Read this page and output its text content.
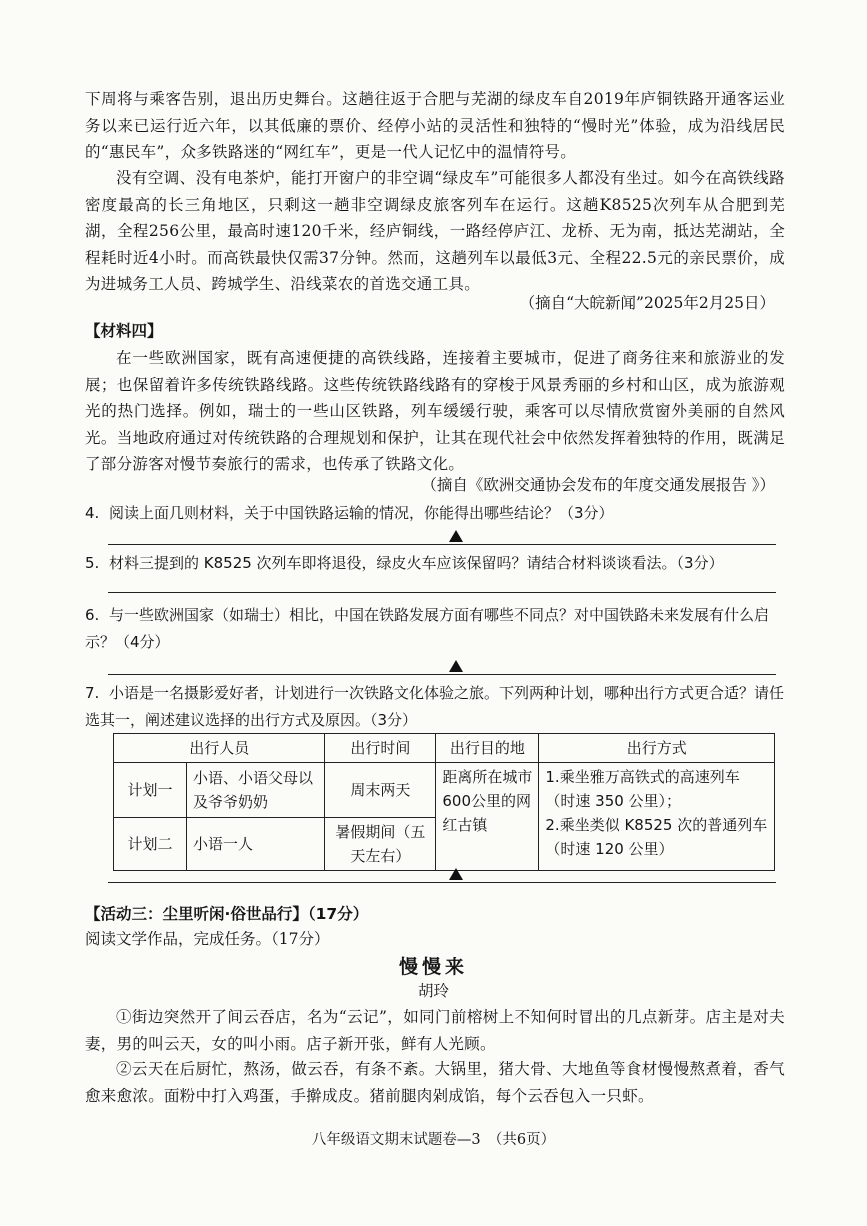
下周将与乘客告别，退出历史舞台。这趟往返于合肥与芜湖的绿皮车自2019年庐铜铁路开通客运业务以来已运行近六年，以其低廉的票价、经停小站的灵活性和独特的“慢时光”体验，成为沿线居民的“惠民车”，众多铁路迷的“网红车”，更是一代人记忆中的温情符号。

没有空调、没有电茶炉，能打开窗户的非空调“绿皮车”可能很多人都没有坐过。如今在高铁线路密度最高的长三角地区，只剩这一趟非空调绿皮旅客列车在运行。这趟K8525次列车从合肥到芜湖，全程256公里，最高时速120千米，经庐铜线，一路经停庐江、龙桥、无为南，抵达芜湖站，全程耗时近4小时。而高铁最快仅需37分钟。然而，这趟列车以最低3元、全程22.5元的亲民票价，成为进城务工人员、跨城学生、沿线菜农的首选交通工具。

（摘自“大皖新闻”2025年2月25日）
【材料四】

在一些欧洲国家，既有高速便捷的高铁线路，连接着主要城市，促进了商务往来和旅游业的发展；也保留着许多传统铁路线路。这些传统铁路线路有的穿梭于风景秀丽的乡村和山区，成为旅游观光的热门选择。例如，瑞士的一些山区铁路，列车缓缓行驶，乘客可以尽情欣赏窗外美丽的自然风光。当地政府通过对传统铁路的合理规划和保护，让其在现代社会中依然发挥着独特的作用，既满足了部分游客对慢节奏旅行的需求，也传承了铁路文化。

（摘自《欧洲交通协会发布的年度交通发展报告 》）

4. 阅读上面几则材料，关于中国铁路运输的情况，你能得出哪些结论？（3分）

5. 材料三提到的 K8525 次列车即将退役，绿皮火车应该保留吗？请结合材料谈谈看法。（3分）

6. 与一些欧洲国家（如瑞士）相比，中国在铁路发展方面有哪些不同点？对中国铁路未来发展有什么启示？（4分）

7. 小语是一名摄影爱好者，计划进行一次铁路文化体验之旅。下列两种计划，哪种出行方式更合适？请任选其一，阐述建议选择的出行方式及原因。（3分）

出行人员		出行时间	出行目的地	出行方式
计划一	小语、小语父母以及爷爷奶奶	周末两天	距离所在城市600公里的网红古镇	1.乘坐雅万高铁式的高速列车（时速 350 公里）；
2.乘坐类似 K8525 次的普通列车（时速 120 公里）

计划二	小语一人	暑假期间（五天左右）		
【活动三：尘里听闲·俗世品行】（17分）
阅读文学作品，完成任务。（17分）
慢慢来
胡玲

①街边突然开了间云吞店，名为“云记”，如同门前榕树上不知何时冒出的几点新芽。店主是对夫妻，男的叫云天，女的叫小雨。店子新开张，鲜有人光顾。

②云天在后厨忙，熬汤，做云吞，有条不紊。大锅里，猪大骨、大地鱼等食材慢慢熬煮着，香气愈来愈浓。面粉中打入鸡蛋，手擀成皮。猪前腿肉剁成馅，每个云吞包入一只虾。

八年级语文期末试题卷—3　（共6页）
